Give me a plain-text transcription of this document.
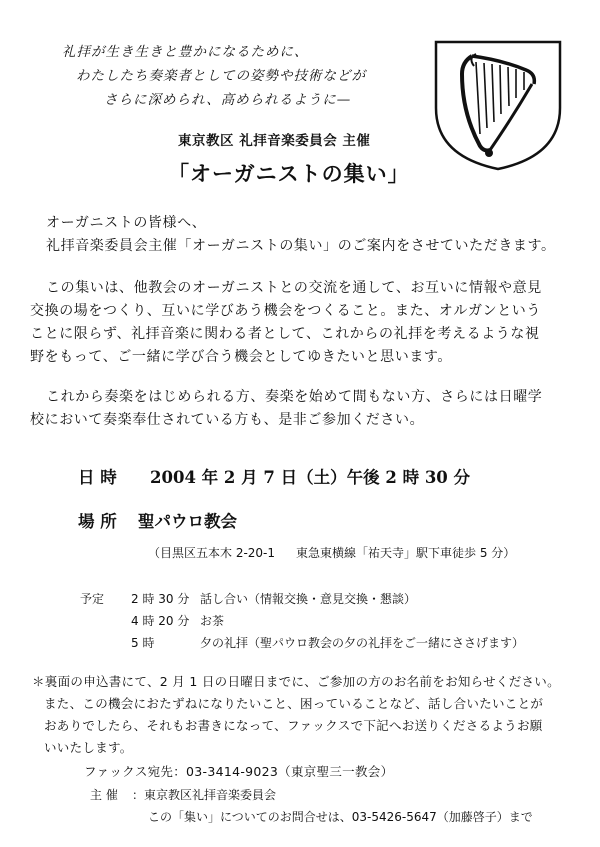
礼拝が生き生きと豊かになるために、
わたしたち奏楽者としての姿勢や技術などが
さらに深められ、高められるように—
東京教区 礼拝音楽委員会 主催
「オーガニストの集い」
オーガニストの皆様へ、
礼拝音楽委員会主催「オーガニストの集い」のご案内をさせていただきます。
この集いは、他教会のオーガニストとの交流を通して、お互いに情報や意見
交換の場をつくり、互いに学びあう機会をつくること。また、オルガンという
ことに限らず、礼拝音楽に関わる者として、これからの礼拝を考えるような視
野をもって、ご一緒に学び合う機会としてゆきたいと思います。
これから奏楽をはじめられる方、奏楽を始めて間もない方、さらには日曜学
校において奏楽奉仕されている方も、是非ご参加ください。
日 時 2004 年 2 月 7 日（土）午後 2 時 30 分
場 所 聖パウロ教会
（目黒区五本木 2-20-1 東急東横線「祐天寺」駅下車徒歩 5 分）
予定 2 時 30 分 話し合い（情報交換・意見交換・懇談）
4 時 20 分 お茶
5 時	夕の礼拝（聖パウロ教会の夕の礼拝をご一緒にささげます）
＊裏面の申込書にて、2 月 1 日の日曜日までに、ご参加の方のお名前をお知らせください。
また、この機会におたずねになりたいこと、困っていることなど、話し合いたいことが
おありでしたら、それもお書きになって、ファックスで下記へお送りくださるようお願
いいたします。
ファックス宛先：03-3414-9023（東京聖三一教会）
主 催 ：東京教区礼拝音楽委員会
この「集い」についてのお問合せは、03-5426-5647（加藤啓子）まで
